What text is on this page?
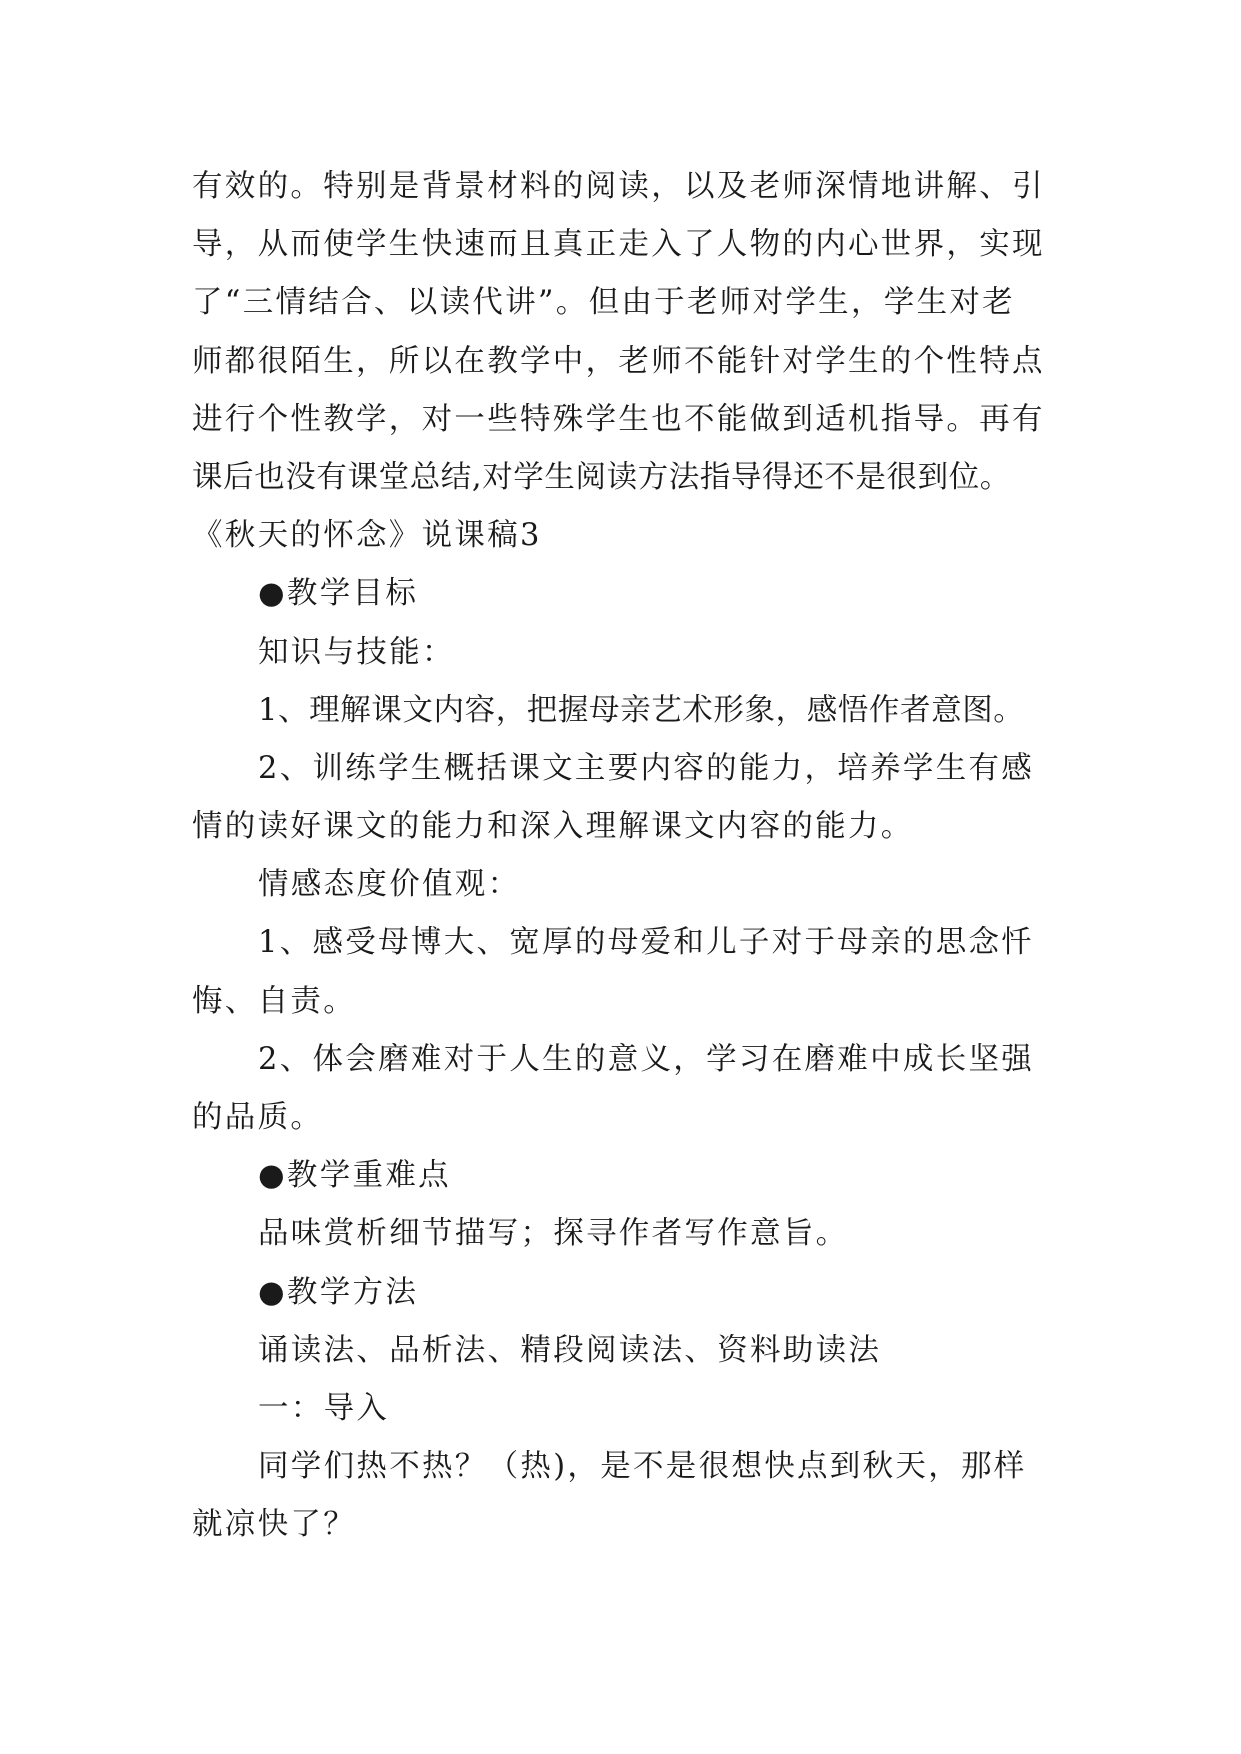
有效的。特别是背景材料的阅读，以及老师深情地讲解、引
导，从而使学生快速而且真正走入了人物的内心世界，实现
了“三情结合、以读代讲”。但由于老师对学生，学生对老
师都很陌生，所以在教学中，老师不能针对学生的个性特点
进行个性教学，对一些特殊学生也不能做到适机指导。再有
课后也没有课堂总结,对学生阅读方法指导得还不是很到位。
《秋天的怀念》说课稿3
●教学目标
知识与技能：
1、理解课文内容，把握母亲艺术形象，感悟作者意图。
2、训练学生概括课文主要内容的能力，培养学生有感
情的读好课文的能力和深入理解课文内容的能力。
情感态度价值观：
1、感受母博大、宽厚的母爱和儿子对于母亲的思念忏
悔、自责。
2、体会磨难对于人生的意义，学习在磨难中成长坚强
的品质。
●教学重难点
品味赏析细节描写；探寻作者写作意旨。
●教学方法
诵读法、品析法、精段阅读法、资料助读法
一：导入
同学们热不热？（热)，是不是很想快点到秋天，那样
就凉快了？
